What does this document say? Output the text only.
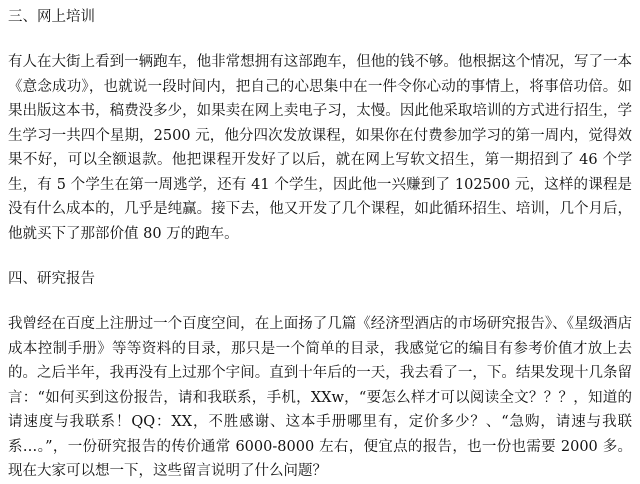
三、网上培训

有人在大街上看到一辆跑车，他非常想拥有这部跑车，但他的钱不够。他根据这个情况，写了一本《意念成功》，也就说一段时间内，把自己的心思集中在一件令你心动的事情上，将事倍功倍。如果出版这本书，稿费没多少，如果卖在网上卖电子习，太慢。因此他采取培训的方式进行招生，学生学习一共四个星期，2500 元，他分四次发放课程，如果你在付费参加学习的第一周内，觉得效果不好，可以全额退款。他把课程开发好了以后，就在网上写软文招生，第一期招到了 46 个学生，有 5 个学生在第一周逃学，还有 41 个学生，因此他一兴赚到了 102500 元，这样的课程是没有什么成本的，几乎是纯赢。接下去，他又开发了几个课程，如此循环招生、培训，几个月后，他就买下了那部价值 80 万的跑车。

四、研究报告

我曾经在百度上注册过一个百度空间，在上面扬了几篇《经济型酒店的市场研究报告》、《星级酒店成本控制手册》等等资料的目录，那只是一个简单的目录，我感觉它的编目有参考价值才放上去的。之后半年，我再没有上过那个宇间。直到十年后的一天，我去看了一，下。结果发现十几条留言：“如何买到这份报告，请和我联系，手机，XXw，“要怎么样才可以阅读全文？？？，知道的请速度与我联系！QQ：XX，不胜感谢、这本手册哪里有，定价多少？、“急购，请速与我联系…。”，一份研究报告的传价通常 6000-8000 左右，便宜点的报告，也一份也需要 2000 多。现在大家可以想一下，这些留言说明了什么问题？
